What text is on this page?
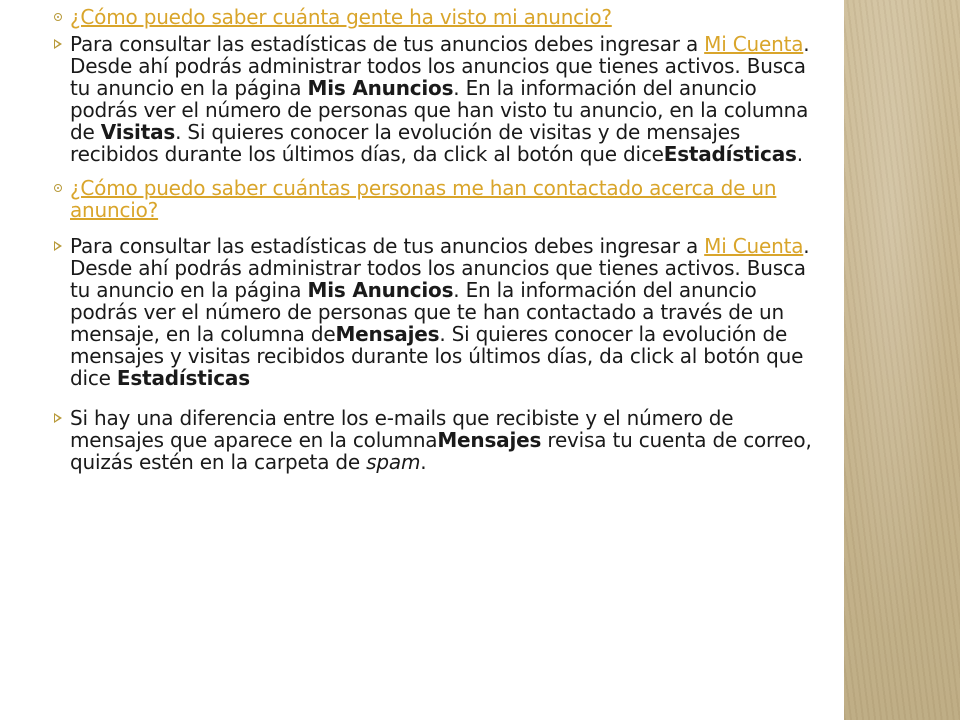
¿Cómo puedo saber cuánta gente ha visto mi anuncio?
Para consultar las estadísticas de tus anuncios debes ingresar a Mi Cuenta. Desde ahí podrás administrar todos los anuncios que tienes activos. Busca tu anuncio en la página Mis Anuncios. En la información del anuncio podrás ver el número de personas que han visto tu anuncio, en la columna de Visitas. Si quieres conocer la evolución de visitas y de mensajes recibidos durante los últimos días, da click al botón que diceEstadísticas.
¿Cómo puedo saber cuántas personas me han contactado acerca de un anuncio?
Para consultar las estadísticas de tus anuncios debes ingresar a Mi Cuenta. Desde ahí podrás administrar todos los anuncios que tienes activos. Busca tu anuncio en la página Mis Anuncios. En la información del anuncio podrás ver el número de personas que te han contactado a través de un mensaje, en la columna deMensajes. Si quieres conocer la evolución de mensajes y visitas recibidos durante los últimos días, da click al botón que dice Estadísticas
Si hay una diferencia entre los e-mails que recibiste y el número de mensajes que aparece en la columnaMensajes revisa tu cuenta de correo, quizás estén en la carpeta de spam.
